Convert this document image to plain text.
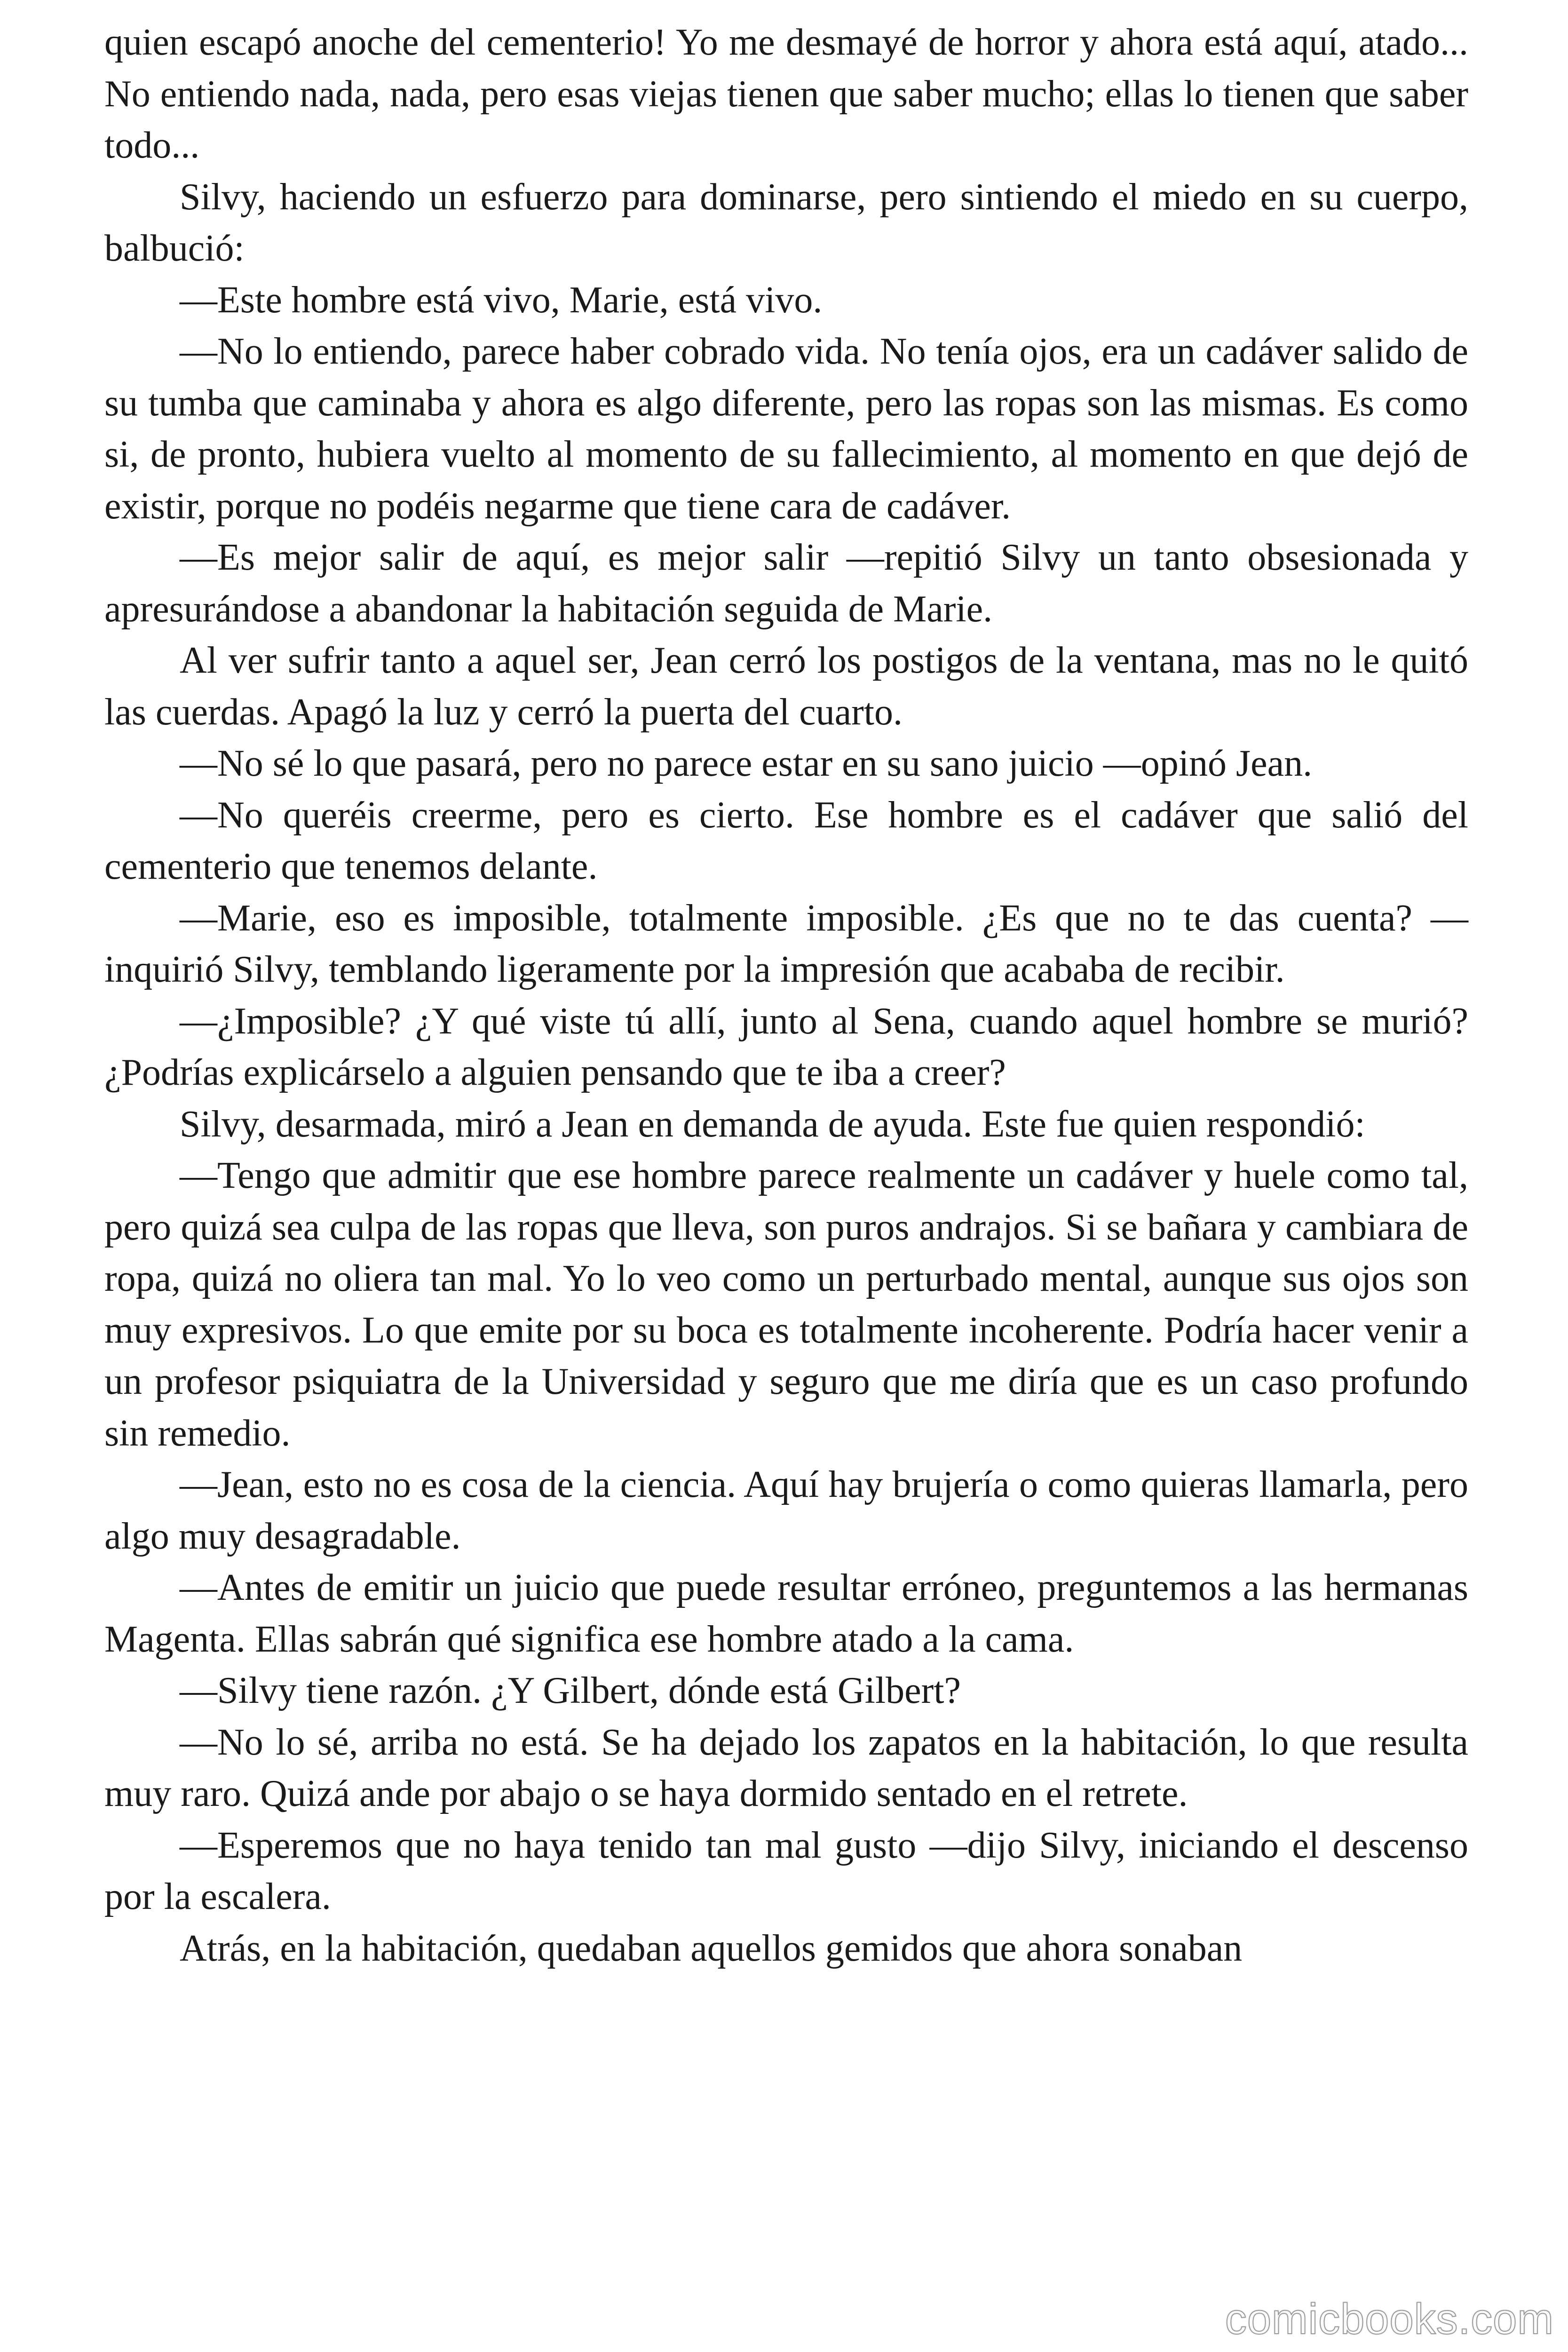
quien escapó anoche del cementerio! Yo me desmayé de horror y ahora está aquí, atado... No entiendo nada, nada, pero esas viejas tienen que saber mucho; ellas lo tienen que saber todo...

Silvy, haciendo un esfuerzo para dominarse, pero sintiendo el miedo en su cuerpo, balbució:

—Este hombre está vivo, Marie, está vivo.

—No lo entiendo, parece haber cobrado vida. No tenía ojos, era un cadáver salido de su tumba que caminaba y ahora es algo diferente, pero las ropas son las mismas. Es como si, de pronto, hubiera vuelto al momento de su fallecimiento, al momento en que dejó de existir, porque no podéis negarme que tiene cara de cadáver.

—Es mejor salir de aquí, es mejor salir —repitió Silvy un tanto obsesionada y apresurándose a abandonar la habitación seguida de Marie.

Al ver sufrir tanto a aquel ser, Jean cerró los postigos de la ventana, mas no le quitó las cuerdas. Apagó la luz y cerró la puerta del cuarto.

—No sé lo que pasará, pero no parece estar en su sano juicio —opinó Jean.

—No queréis creerme, pero es cierto. Ese hombre es el cadáver que salió del cementerio que tenemos delante.

—Marie, eso es imposible, totalmente imposible. ¿Es que no te das cuenta? —inquirió Silvy, temblando ligeramente por la impresión que acababa de recibir.

—¿Imposible? ¿Y qué viste tú allí, junto al Sena, cuando aquel hombre se murió? ¿Podrías explicárselo a alguien pensando que te iba a creer?

Silvy, desarmada, miró a Jean en demanda de ayuda. Este fue quien respondió:

—Tengo que admitir que ese hombre parece realmente un cadáver y huele como tal, pero quizá sea culpa de las ropas que lleva, son puros andrajos. Si se bañara y cambiara de ropa, quizá no oliera tan mal. Yo lo veo como un perturbado mental, aunque sus ojos son muy expresivos. Lo que emite por su boca es totalmente incoherente. Podría hacer venir a un profesor psiquiatra de la Universidad y seguro que me diría que es un caso profundo sin remedio.

—Jean, esto no es cosa de la ciencia. Aquí hay brujería o como quieras llamarla, pero algo muy desagradable.

—Antes de emitir un juicio que puede resultar erróneo, preguntemos a las hermanas Magenta. Ellas sabrán qué significa ese hombre atado a la cama.

—Silvy tiene razón. ¿Y Gilbert, dónde está Gilbert?

—No lo sé, arriba no está. Se ha dejado los zapatos en la habitación, lo que resulta muy raro. Quizá ande por abajo o se haya dormido sentado en el retrete.

—Esperemos que no haya tenido tan mal gusto —dijo Silvy, iniciando el descenso por la escalera.

Atrás, en la habitación, quedaban aquellos gemidos que ahora sonaban

comicbooks.com
